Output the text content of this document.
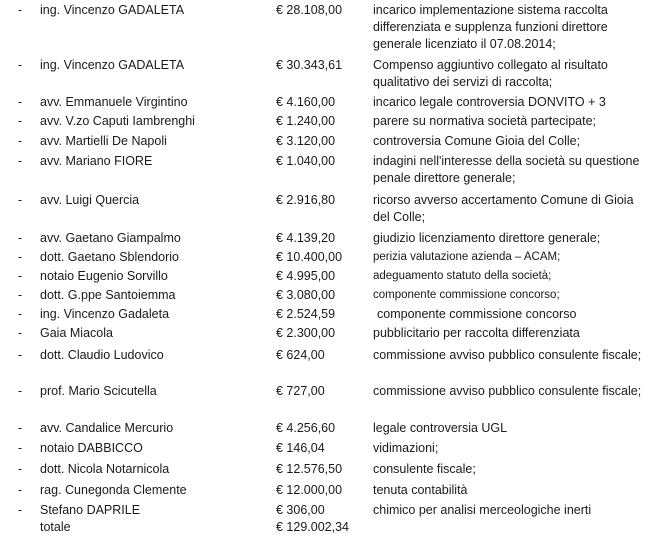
- ing. Vincenzo GADALETA	€ 28.108,00 incarico implementazione sistema raccolta differenziata e supplenza funzioni direttore generale licenziato il 07.08.2014;
- ing. Vincenzo GADALETA	€ 30.343,61 Compenso aggiuntivo collegato al risultato qualitativo dei servizi di raccolta;
- avv. Emmanuele Virgintino	€ 4.160,00	incarico legale controversia DONVITO + 3
- avv. V.zo Caputi Iambrenghi	€ 1.240,00	parere su normativa società partecipate;
- avv. Martielli De Napoli	€ 3.120,00	controversia Comune Gioia del Colle;
- avv. Mariano FIORE	€ 1.040,00	indagini nell'interesse della società su questione penale direttore generale;
- avv. Luigi Quercia	€ 2.916,80	ricorso avverso accertamento Comune di Gioia del Colle;
- avv. Gaetano Giampalmo	€ 4.139,20	giudizio licenziamento direttore generale;
- dott. Gaetano Sblendorio	€ 10.400,00	perizia valutazione azienda – ACAM;
- notaio Eugenio Sorvillo	€ 4.995,00	adeguamento statuto della società;
- dott. G.ppe Santoiemma	€ 3.080,00	componente commissione concorso;
- ing. Vincenzo Gadaleta	€ 2.524,59	componente commissione concorso
- Gaia Miacola	€ 2.300,00	pubblicitario per raccolta differenziata
- dott. Claudio Ludovico	€ 624,00	commissione avviso pubblico consulente fiscale;
- prof. Mario Scicutella	€ 727,00	commissione avviso pubblico consulente fiscale;
- avv. Candalice Mercurio	€ 4.256,60	legale controversia UGL
- notaio DABBICCO	€ 146,04	vidimazioni;
- dott. Nicola Notarnicola	€ 12.576,50 consulente fiscale;
- rag. Cunegonda Clemente	€ 12.000,00 tenuta contabilità
- Stefano DAPRILE	€ 306,00	chimico per analisi merceologiche inerti
totale	€ 129.002,34
